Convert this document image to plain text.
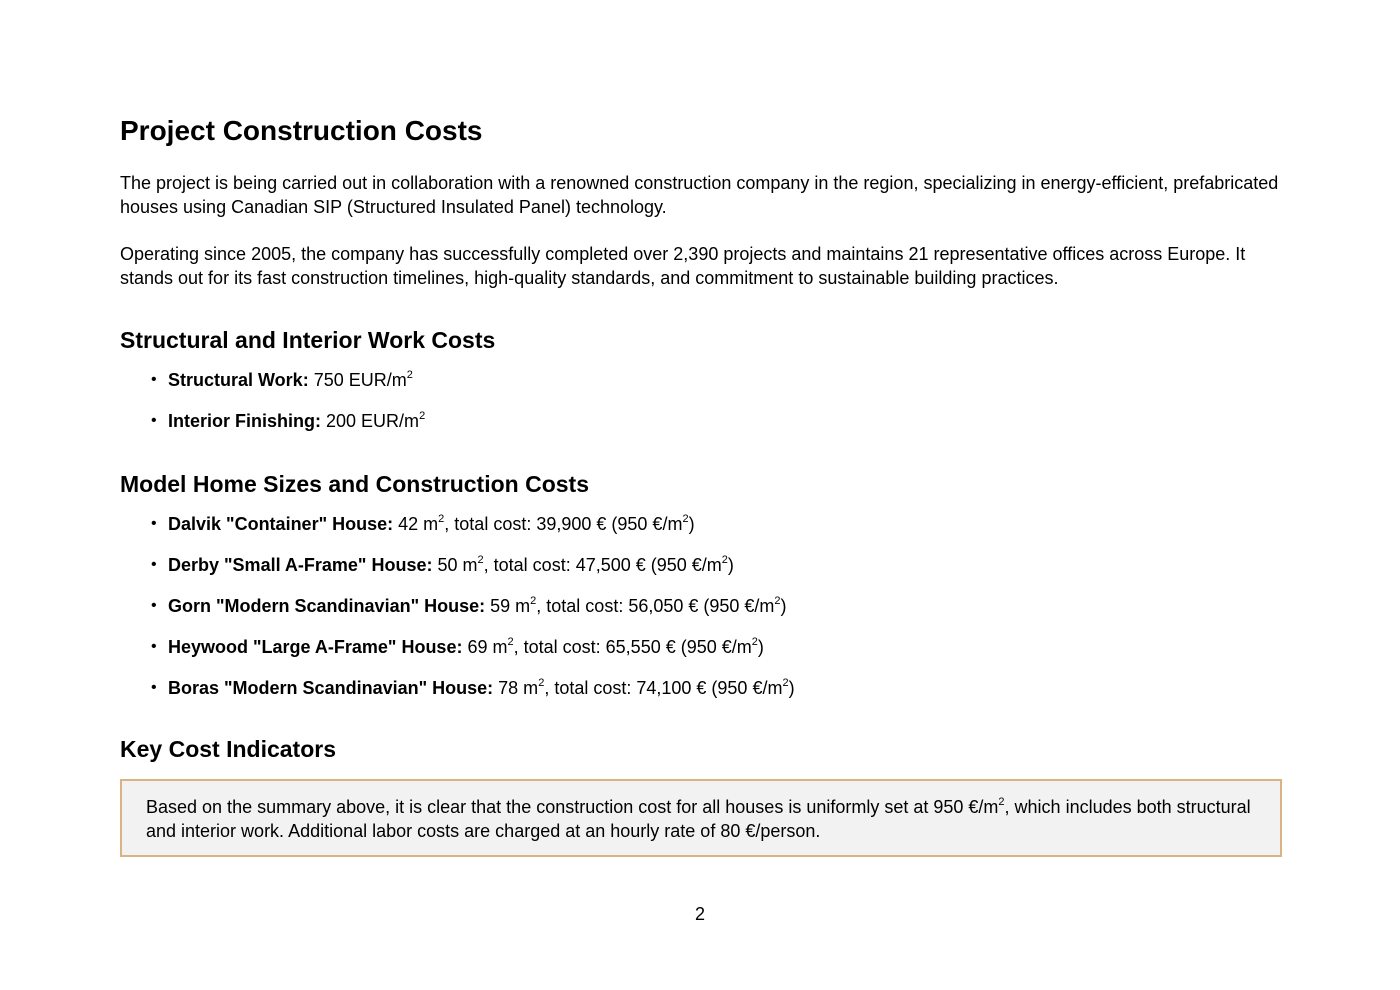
Project Construction Costs

The project is being carried out in collaboration with a renowned construction company in the region, specializing in energy-efficient, prefabricated houses using Canadian SIP (Structured Insulated Panel) technology.

Operating since 2005, the company has successfully completed over 2,390 projects and maintains 21 representative offices across Europe. It stands out for its fast construction timelines, high-quality standards, and commitment to sustainable building practices.

Structural and Interior Work Costs
• Structural Work: 750 EUR/$m^2$
• Interior Finishing: 200 EUR/$m^2$
Model Home Sizes and Construction Costs
• Dalvik "Container" House: 42 $m^2$, total cost: 39,900 € (950 $€/m^2$)
• Derby "Small A-Frame" House: 50 $m^2$, total cost: 47,500 € (950 $€/m^2$)
• Gorn "Modern Scandinavian" House: 59 $m^2$, total cost: 56,050 € (950 $€/m^2$)
• Heywood "Large A-Frame" House: 69 $m^2$, total cost: 65,550 € (950 $€/m^2$)
• Boras "Modern Scandinavian" House: 78 $m^2$, total cost: 74,100 € (950 $€/m^2$)
Key Cost Indicators

Based on the summary above, it is clear that the construction cost for all houses is uniformly set at 950 $€/m^2$, which includes both structural and interior work. Additional labor costs are charged at an hourly rate of 80 €/person.

2
